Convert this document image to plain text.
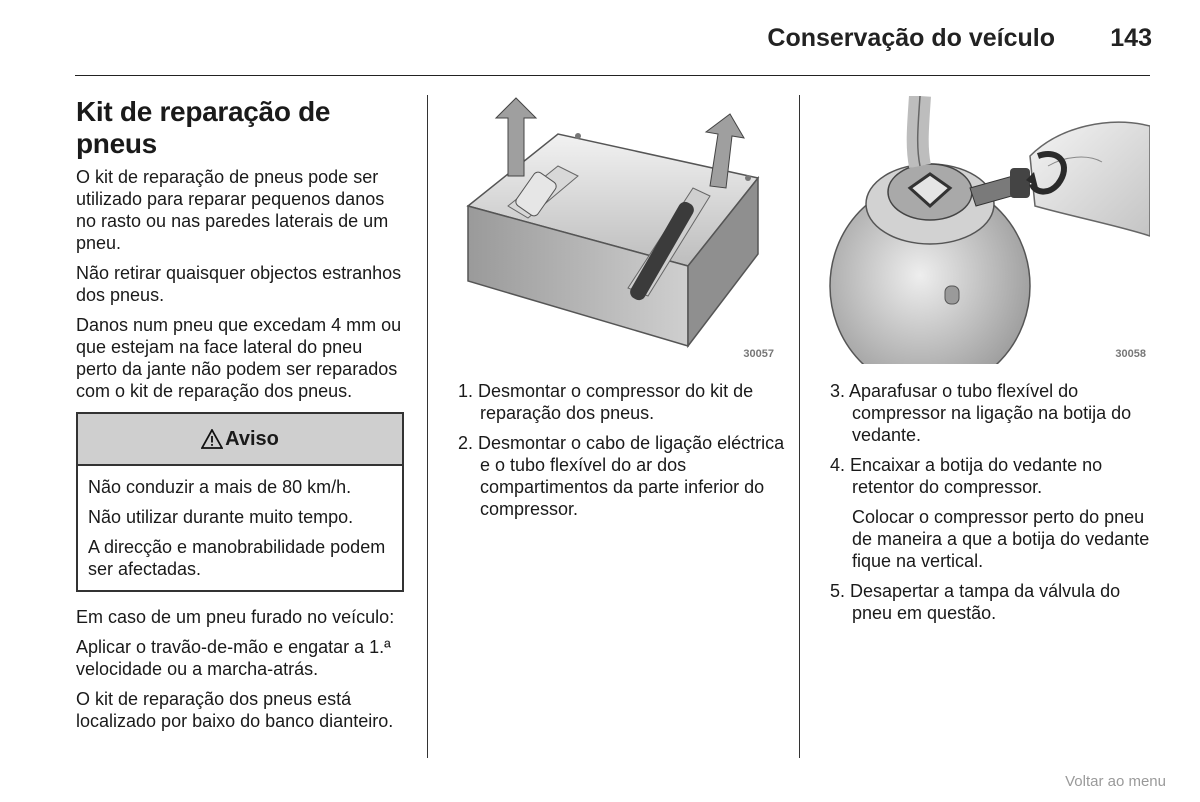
Conservação do veículo 143
Kit de reparação de pneus

O kit de reparação de pneus pode ser utilizado para reparar pequenos danos no rasto ou nas paredes laterais de um pneu.

Não retirar quaisquer objectos estranhos dos pneus.

Danos num pneu que excedam 4 mm ou que estejam na face lateral do pneu perto da jante não podem ser reparados com o kit de reparação dos pneus.

Aviso

Não conduzir a mais de 80 km/h.

Não utilizar durante muito tempo.

A direcção e manobrabilidade podem ser afectadas.

Em caso de um pneu furado no veículo:

Aplicar o travão-de-mão e engatar a 1.ª velocidade ou a marcha-atrás.

O kit de reparação dos pneus está localizado por baixo do banco dianteiro.

30057
1. Desmontar o compressor do kit de reparação dos pneus.
2. Desmontar o cabo de ligação eléctrica e o tubo flexível do ar dos compartimentos da parte inferior do compressor.
30058
3. Aparafusar o tubo flexível do compressor na ligação na botija do vedante.
4. Encaixar a botija do vedante no retentor do compressor.
Colocar o compressor perto do pneu de maneira a que a botija do vedante fique na vertical.
5. Desapertar a tampa da válvula do pneu em questão.
Voltar ao menu
